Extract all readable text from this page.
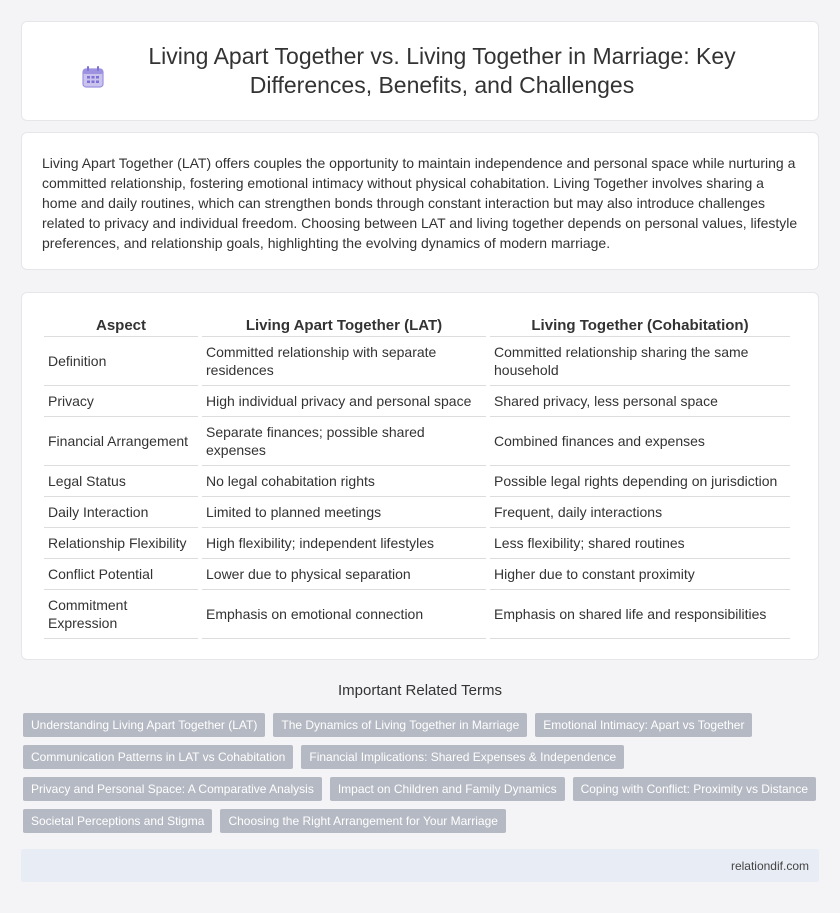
Living Apart Together vs. Living Together in Marriage: Key Differences, Benefits, and Challenges

Living Apart Together (LAT) offers couples the opportunity to maintain independence and personal space while nurturing a committed relationship, fostering emotional intimacy without physical cohabitation. Living Together involves sharing a home and daily routines, which can strengthen bonds through constant interaction but may also introduce challenges related to privacy and individual freedom. Choosing between LAT and living together depends on personal values, lifestyle preferences, and relationship goals, highlighting the evolving dynamics of modern marriage.

Aspect	Living Apart Together (LAT)	Living Together (Cohabitation)
Definition	Committed relationship with separate residences	Committed relationship sharing the same household
Privacy	High individual privacy and personal space	Shared privacy, less personal space
Financial Arrangement	Separate finances; possible shared expenses	Combined finances and expenses
Legal Status	No legal cohabitation rights	Possible legal rights depending on jurisdiction
Daily Interaction	Limited to planned meetings	Frequent, daily interactions
Relationship Flexibility	High flexibility; independent lifestyles	Less flexibility; shared routines
Conflict Potential	Lower due to physical separation	Higher due to constant proximity
Commitment Expression	Emphasis on emotional connection	Emphasis on shared life and responsibilities
Important Related Terms
Understanding Living Apart Together (LAT)	The Dynamics of Living Together in Marriage	Emotional Intimacy: Apart vs Together
Communication Patterns in LAT vs Cohabitation	Financial Implications: Shared Expenses & Independence
Privacy and Personal Space: A Comparative Analysis	Impact on Children and Family Dynamics	Coping with Conflict: Proximity vs Distance
Societal Perceptions and Stigma	Choosing the Right Arrangement for Your Marriage
relationdif.com
